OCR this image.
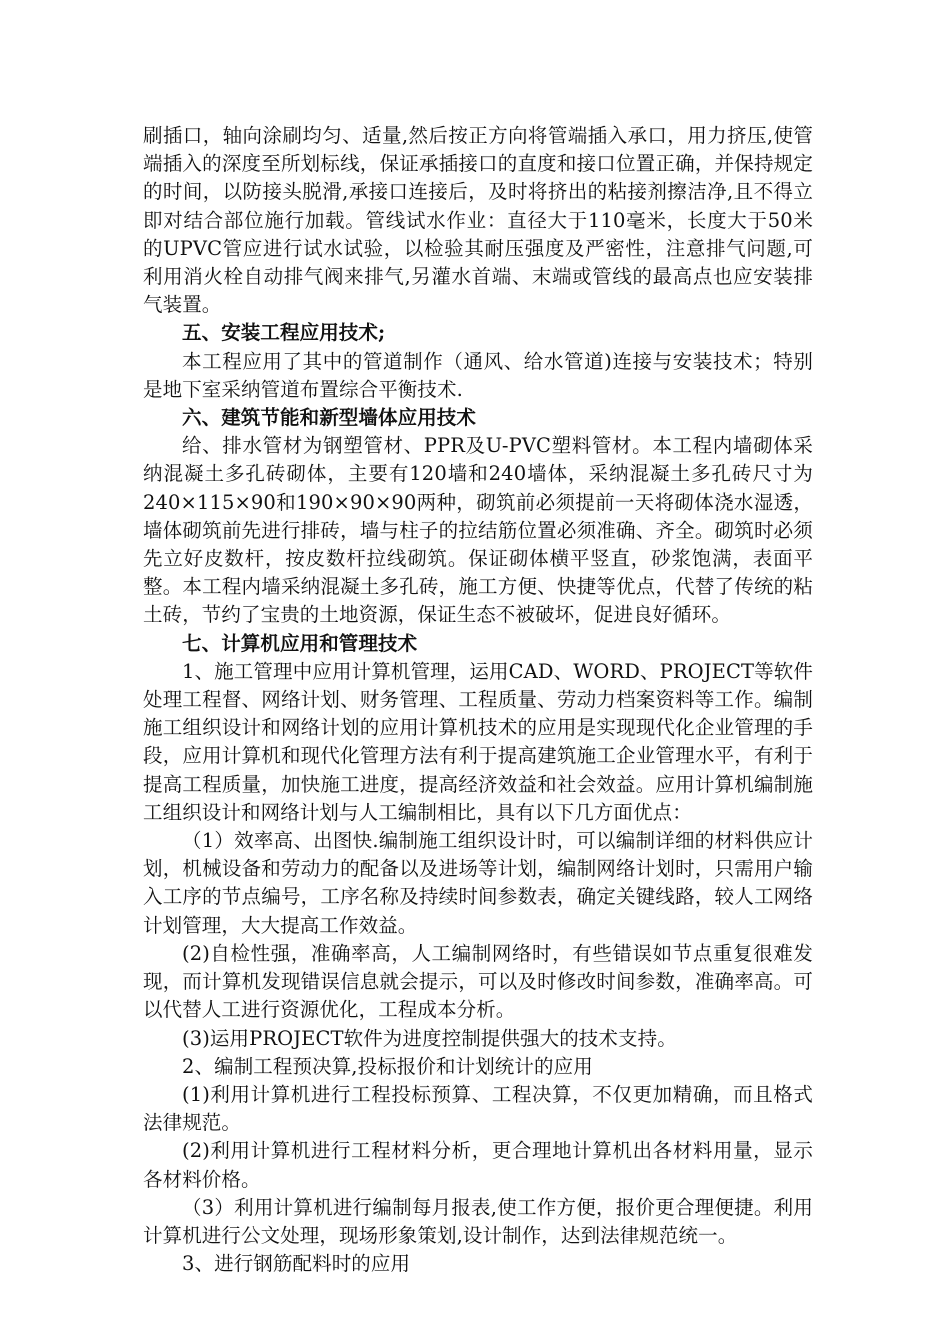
刷插口，轴向涂刷均匀、适量,然后按正方向将管端插入承口，用力挤压,使管端插入的深度至所划标线，保证承插接口的直度和接口位置正确，并保持规定的时间，以防接头脱滑,承接口连接后，及时将挤出的粘接剂擦洁净,且不得立即对结合部位施行加载。管线试水作业：直径大于110毫米，长度大于50米的UPVC管应进行试水试验，以检验其耐压强度及严密性，注意排气问题,可利用消火栓自动排气阀来排气,另灌水首端、末端或管线的最高点也应安装排气装置。

五、安装工程应用技术;

本工程应用了其中的管道制作（通风、给水管道)连接与安装技术；特别是地下室采纳管道布置综合平衡技术.

六、建筑节能和新型墙体应用技术

给、排水管材为钢塑管材、PPR及U-PVC塑料管材。本工程内墙砌体采纳混凝土多孔砖砌体，主要有120墙和240墙体，采纳混凝土多孔砖尺寸为240×115×90和190×90×90两种，砌筑前必须提前一天将砌体浇水湿透，墙体砌筑前先进行排砖，墙与柱子的拉结筋位置必须准确、齐全。砌筑时必须先立好皮数杆，按皮数杆拉线砌筑。保证砌体横平竖直，砂浆饱满，表面平整。本工程内墙采纳混凝土多孔砖，施工方便、快捷等优点，代替了传统的粘土砖，节约了宝贵的土地资源，保证生态不被破坏，促进良好循环。

七、计算机应用和管理技术

1、施工管理中应用计算机管理，运用CAD、WORD、PROJECT等软件处理工程督、网络计划、财务管理、工程质量、劳动力档案资料等工作。编制施工组织设计和网络计划的应用计算机技术的应用是实现现代化企业管理的手段，应用计算机和现代化管理方法有利于提高建筑施工企业管理水平，有利于提高工程质量，加快施工进度，提高经济效益和社会效益。应用计算机编制施工组织设计和网络计划与人工编制相比，具有以下几方面优点：

（1）效率高、出图快.编制施工组织设计时，可以编制详细的材料供应计划，机械设备和劳动力的配备以及进场等计划，编制网络计划时，只需用户输入工序的节点编号，工序名称及持续时间参数表，确定关键线路，较人工网络计划管理，大大提高工作效益。

(2)自检性强，准确率高，人工编制网络时，有些错误如节点重复很难发现，而计算机发现错误信息就会提示，可以及时修改时间参数，准确率高。可以代替人工进行资源优化，工程成本分析。

(3)运用PROJECT软件为进度控制提供强大的技术支持。

2、编制工程预决算,投标报价和计划统计的应用

(1)利用计算机进行工程投标预算、工程决算，不仅更加精确，而且格式法律规范。

(2)利用计算机进行工程材料分析，更合理地计算机出各材料用量，显示各材料价格。

（3）利用计算机进行编制每月报表,使工作方便，报价更合理便捷。利用计算机进行公文处理，现场形象策划,设计制作，达到法律规范统一。

3、进行钢筋配料时的应用
